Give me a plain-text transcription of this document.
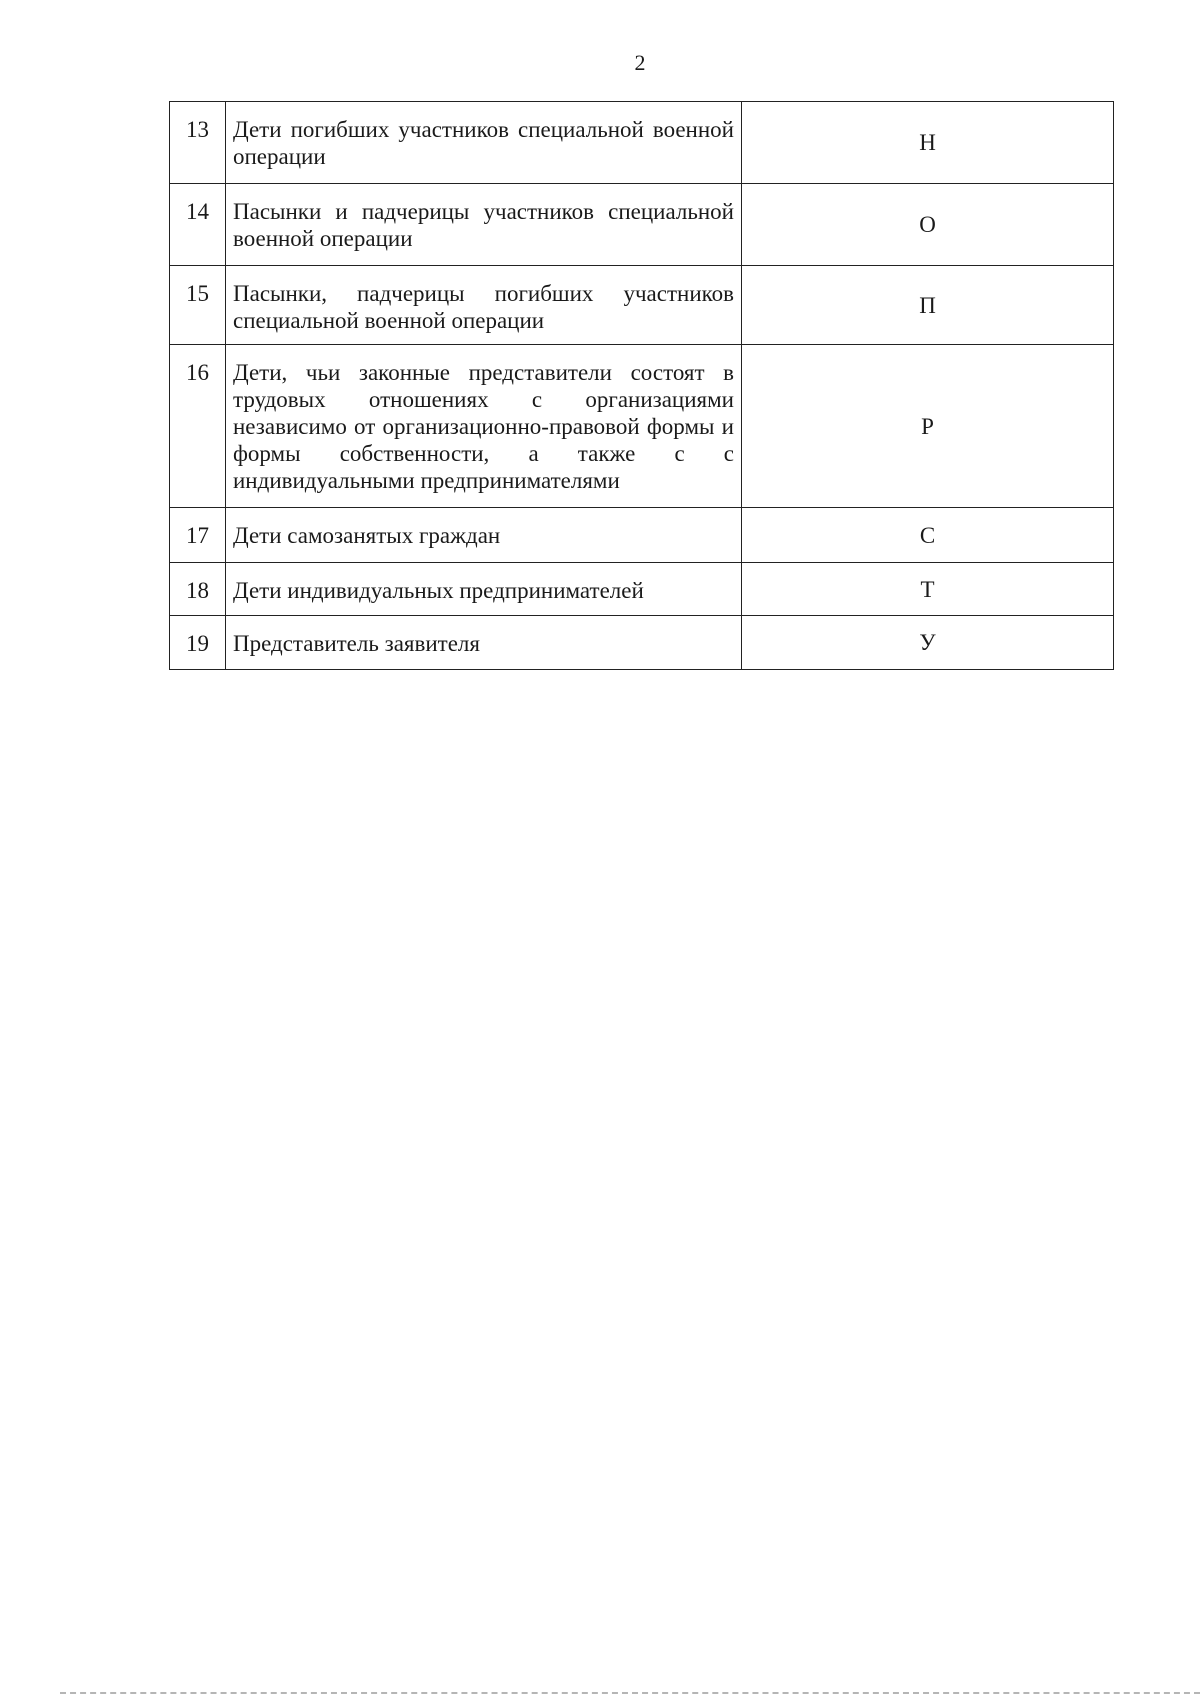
2
13	Дети погибших участников специальной военной операции	Н
14	Пасынки и падчерицы участников специальной военной операции	О
15	Пасынки, падчерицы погибших участников специальной военной операции	П
16	Дети, чьи законные представители состоят в трудовых отношениях с организациями независимо от организационно-правовой формы и формы собственности, а также с с индивидуальными предпринимателями	Р
17	Дети самозанятых граждан	С
18	Дети индивидуальных предпринимателей	Т
19	Представитель заявителя	У
